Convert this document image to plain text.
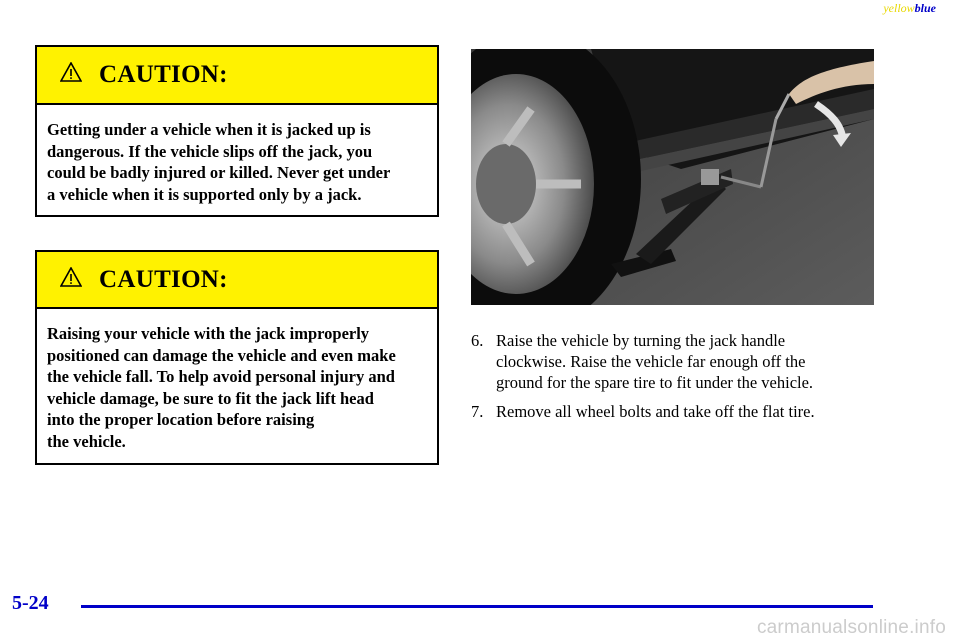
yellowblue
CAUTION:
Getting under a vehicle when it is jacked up is
dangerous. If the vehicle slips off the jack, you
could be badly injured or killed. Never get under
a vehicle when it is supported only by a jack.
CAUTION:
Raising your vehicle with the jack improperly
positioned can damage the vehicle and even make
the vehicle fall. To help avoid personal injury and
vehicle damage, be sure to fit the jack lift head
into the proper location before raising
the vehicle.
6. Raise the vehicle by turning the jack handle
clockwise. Raise the vehicle far enough off the
ground for the spare tire to fit under the vehicle.
7. Remove all wheel bolts and take off the flat tire.
5-24
carmanualsonline.info
